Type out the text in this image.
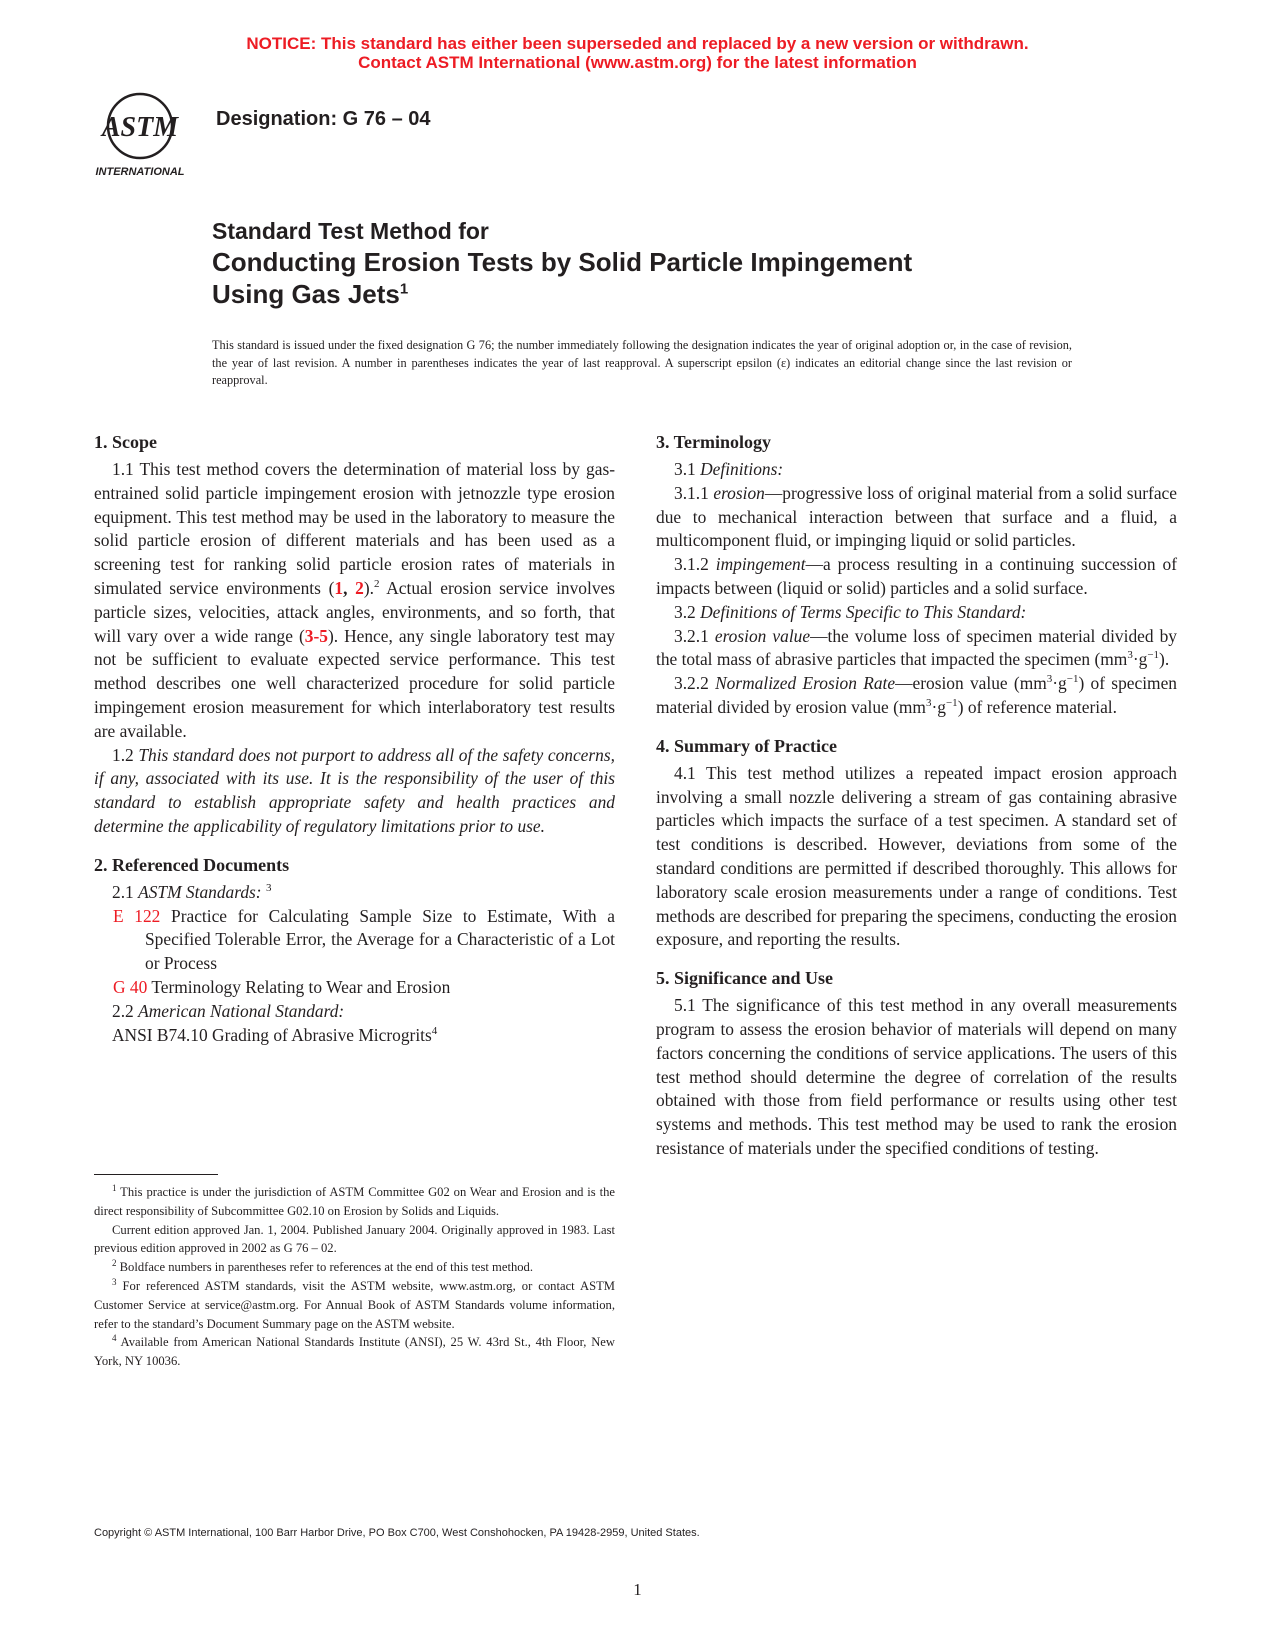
NOTICE: This standard has either been superseded and replaced by a new version or withdrawn.
Contact ASTM International (www.astm.org) for the latest information
ASTM
INTERNATIONAL
Designation: G 76 – 04
Standard Test Method for
Conducting Erosion Tests by Solid Particle Impingement
Using Gas Jets$^1$
This standard is issued under the fixed designation G 76; the number immediately following the designation indicates the year of original adoption or, in the case of revision, the year of last revision. A number in parentheses indicates the year of last reapproval. A superscript epsilon (ε) indicates an editorial change since the last revision or reapproval.
1. Scope

1.1 This test method covers the determination of material loss by gas-entrained solid particle impingement erosion with jetnozzle type erosion equipment. This test method may be used in the laboratory to measure the solid particle erosion of different materials and has been used as a screening test for ranking solid particle erosion rates of materials in simulated service environments (1, 2).$^2$ Actual erosion service involves particle sizes, velocities, attack angles, environments, and so forth, that will vary over a wide range (3-5). Hence, any single laboratory test may not be sufficient to evaluate expected service performance. This test method describes one well characterized procedure for solid particle impingement erosion measurement for which interlaboratory test results are available.

1.2 This standard does not purport to address all of the safety concerns, if any, associated with its use. It is the responsibility of the user of this standard to establish appropriate safety and health practices and determine the applicability of regulatory limitations prior to use.

2. Referenced Documents

2.1 ASTM Standards: $^3$

E 122 Practice for Calculating Sample Size to Estimate, With a Specified Tolerable Error, the Average for a Characteristic of a Lot or Process

G 40 Terminology Relating to Wear and Erosion

2.2 American National Standard:

ANSI B74.10 Grading of Abrasive Microgrits$^4$

3. Terminology

3.1 Definitions:

3.1.1 erosion—progressive loss of original material from a solid surface due to mechanical interaction between that surface and a fluid, a multicomponent fluid, or impinging liquid or solid particles.

3.1.2 impingement—a process resulting in a continuing succession of impacts between (liquid or solid) particles and a solid surface.

3.2 Definitions of Terms Specific to This Standard:

3.2.1 erosion value—the volume loss of specimen material divided by the total mass of abrasive particles that impacted the specimen $(mm^3\cdot g^{-1})$.

3.2.2 Normalized Erosion Rate—erosion value $(mm^3\cdot g^{-1})$ of specimen material divided by erosion value $(mm^3\cdot g^{-1})$ of reference material.

4. Summary of Practice

4.1 This test method utilizes a repeated impact erosion approach involving a small nozzle delivering a stream of gas containing abrasive particles which impacts the surface of a test specimen. A standard set of test conditions is described. However, deviations from some of the standard conditions are permitted if described thoroughly. This allows for laboratory scale erosion measurements under a range of conditions. Test methods are described for preparing the specimens, conducting the erosion exposure, and reporting the results.

5. Significance and Use

5.1 The significance of this test method in any overall measurements program to assess the erosion behavior of materials will depend on many factors concerning the conditions of service applications. The users of this test method should determine the degree of correlation of the results obtained with those from field performance or results using other test systems and methods. This test method may be used to rank the erosion resistance of materials under the specified conditions of testing.

$^1$ This practice is under the jurisdiction of ASTM Committee G02 on Wear and Erosion and is the direct responsibility of Subcommittee G02.10 on Erosion by Solids and Liquids.

Current edition approved Jan. 1, 2004. Published January 2004. Originally approved in 1983. Last previous edition approved in 2002 as G 76 – 02.

$^2$ Boldface numbers in parentheses refer to references at the end of this test method.

$^3$ For referenced ASTM standards, visit the ASTM website, www.astm.org, or contact ASTM Customer Service at service@astm.org. For Annual Book of ASTM Standards volume information, refer to the standard’s Document Summary page on the ASTM website.

$^4$ Available from American National Standards Institute (ANSI), 25 W. 43rd St., 4th Floor, New York, NY 10036.

Copyright © ASTM International, 100 Barr Harbor Drive, PO Box C700, West Conshohocken, PA 19428-2959, United States.
1
